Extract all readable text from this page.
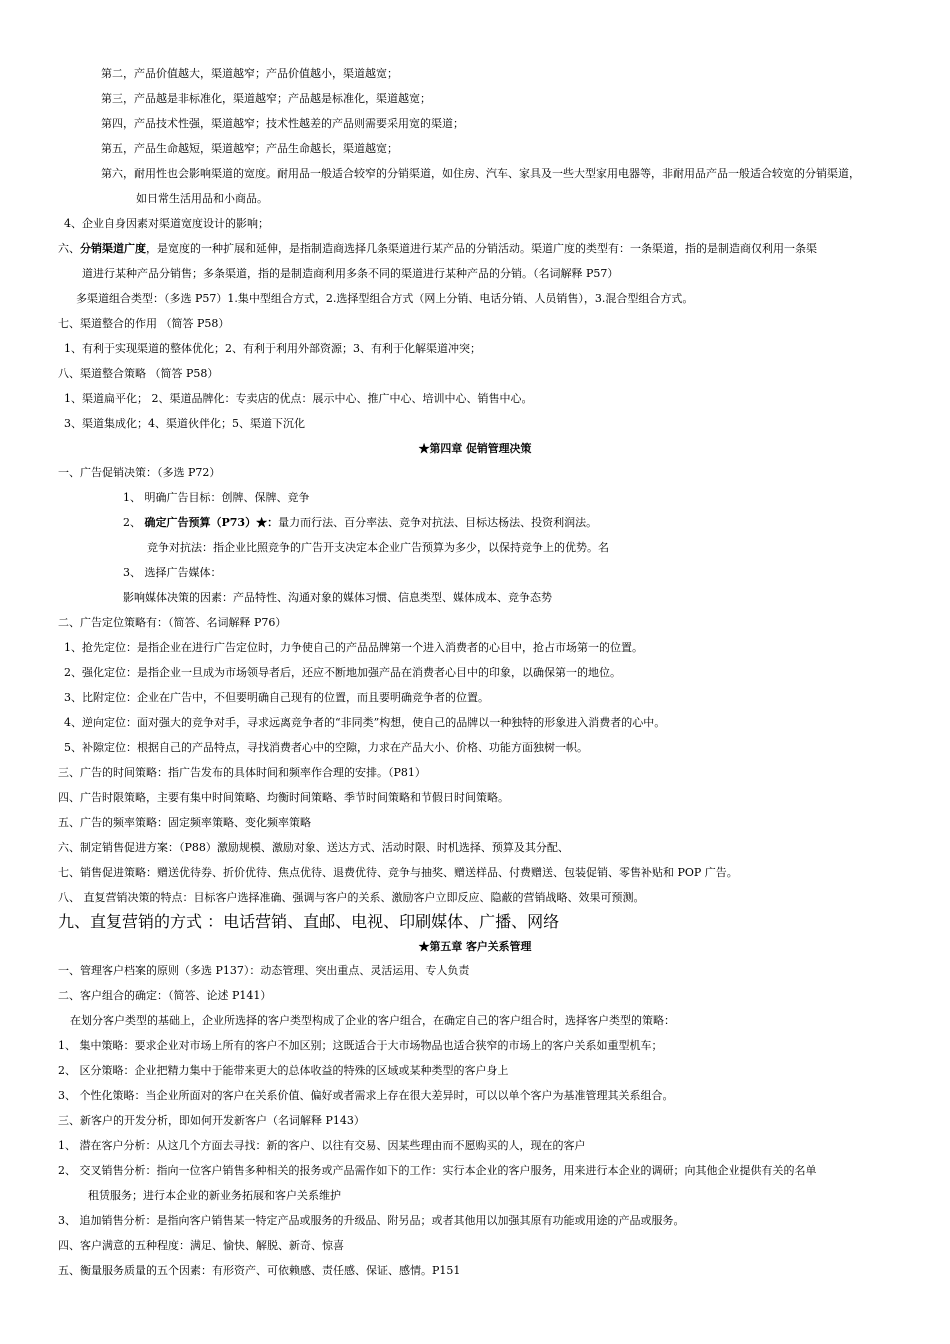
第二，产品价值越大，渠道越窄；产品价值越小，渠道越宽；
第三，产品越是非标准化，渠道越窄；产品越是标准化，渠道越宽；
第四，产品技术性强，渠道越窄；技术性越差的产品则需要采用宽的渠道；
第五，产品生命越短，渠道越窄；产品生命越长，渠道越宽；
第六，耐用性也会影响渠道的宽度。耐用品一般适合较窄的分销渠道，如住房、汽车、家具及一些大型家用电器等，非耐用品产品一般适合较宽的分销渠道，
如日常生活用品和小商品。
4、企业自身因素对渠道宽度设计的影响；
六、分销渠道广度，是宽度的一种扩展和延伸，是指制造商选择几条渠道进行某产品的分销活动。渠道广度的类型有：一条渠道，指的是制造商仅利用一条渠
道进行某种产品分销售；多条渠道，指的是制造商利用多条不同的渠道进行某种产品的分销。（名词解释 P57）
多渠道组合类型：（多选 P57）1.集中型组合方式，2.选择型组合方式（网上分销、电话分销、人员销售），3.混合型组合方式。
七、渠道整合的作用 （简答 P58）
1、有利于实现渠道的整体优化；2、有利于利用外部资源；3、有利于化解渠道冲突；
八、渠道整合策略 （简答 P58）
1、渠道扁平化； 2、渠道品牌化：专卖店的优点：展示中心、推广中心、培训中心、销售中心。
3、渠道集成化；4、渠道伙伴化；5、渠道下沉化
★第四章 促销管理决策
一、广告促销决策：（多选 P72）
1、 明确广告目标：创牌、保牌、竞争
2、 确定广告预算（P73）★：量力而行法、百分率法、竞争对抗法、目标达杨法、投资利润法。
竞争对抗法：指企业比照竞争的广告开支决定本企业广告预算为多少，以保持竞争上的优势。名
3、 选择广告媒体：
影响媒体决策的因素：产品特性、沟通对象的媒体习惯、信息类型、媒体成本、竞争态势
二、广告定位策略有：（简答、名词解释 P76）
1、抢先定位：是指企业在进行广告定位时，力争使自己的产品品牌第一个进入消费者的心目中，抢占市场第一的位置。
2、强化定位：是指企业一旦成为市场领导者后，还应不断地加强产品在消费者心目中的印象，以确保第一的地位。
3、比附定位：企业在广告中，不但要明确自己现有的位置，而且要明确竞争者的位置。
4、逆向定位：面对强大的竞争对手，寻求远离竞争者的“非同类”构想，使自己的品牌以一种独特的形象进入消费者的心中。
5、补隙定位：根据自己的产品特点，寻找消费者心中的空隙，力求在产品大小、价格、功能方面独树一帜。
三、广告的时间策略：指广告发布的具体时间和频率作合理的安排。（P81）
四、广告时限策略，主要有集中时间策略、均衡时间策略、季节时间策略和节假日时间策略。
五、广告的频率策略：固定频率策略、变化频率策略
六、制定销售促进方案：（P88）激励规模、激励对象、送达方式、活动时限、时机选择、预算及其分配、
七、销售促进策略：赠送优待券、折价优待、焦点优待、退费优待、竞争与抽奖、赠送样品、付费赠送、包装促销、零售补贴和 POP 广告。
八、 直复营销决策的特点：目标客户选择准确、强调与客户的关系、激励客户立即反应、隐蔽的营销战略、效果可预测。
九、直复营销的方式 ：电话营销、直邮、电视、印刷媒体、广播、网络
★第五章 客户关系管理
一、管理客户档案的原则（多选 P137）：动态管理、突出重点、灵活运用、专人负责
二、客户组合的确定：（简答、论述 P141）
在划分客户类型的基础上，企业所选择的客户类型构成了企业的客户组合，在确定自己的客户组合时，选择客户类型的策略：
1、 集中策略：要求企业对市场上所有的客户不加区别；这既适合于大市场物品也适合狭窄的市场上的客户关系如重型机车；
2、 区分策略：企业把精力集中于能带来更大的总体收益的特殊的区域或某种类型的客户身上
3、 个性化策略：当企业所面对的客户在关系价值、偏好或者需求上存在很大差异时，可以以单个客户为基准管理其关系组合。
三、新客户的开发分析，即如何开发新客户（名词解释 P143）
1、 潜在客户分析：从这几个方面去寻找：新的客户、以往有交易、因某些理由而不愿购买的人，现在的客户
2、 交叉销售分析：指向一位客户销售多种相关的报务或产品需作如下的工作：实行本企业的客户服务，用来进行本企业的调研；向其他企业提供有关的名单
租赁服务；进行本企业的新业务拓展和客户关系维护
3、 追加销售分析：是指向客户销售某一特定产品或服务的升级品、附另品；或者其他用以加强其原有功能或用途的产品或服务。
四、客户满意的五种程度：满足、愉快、解脱、新奇、惊喜
五、衡量服务质量的五个因素：有形资产、可依赖感、责任感、保证、感情。P151
